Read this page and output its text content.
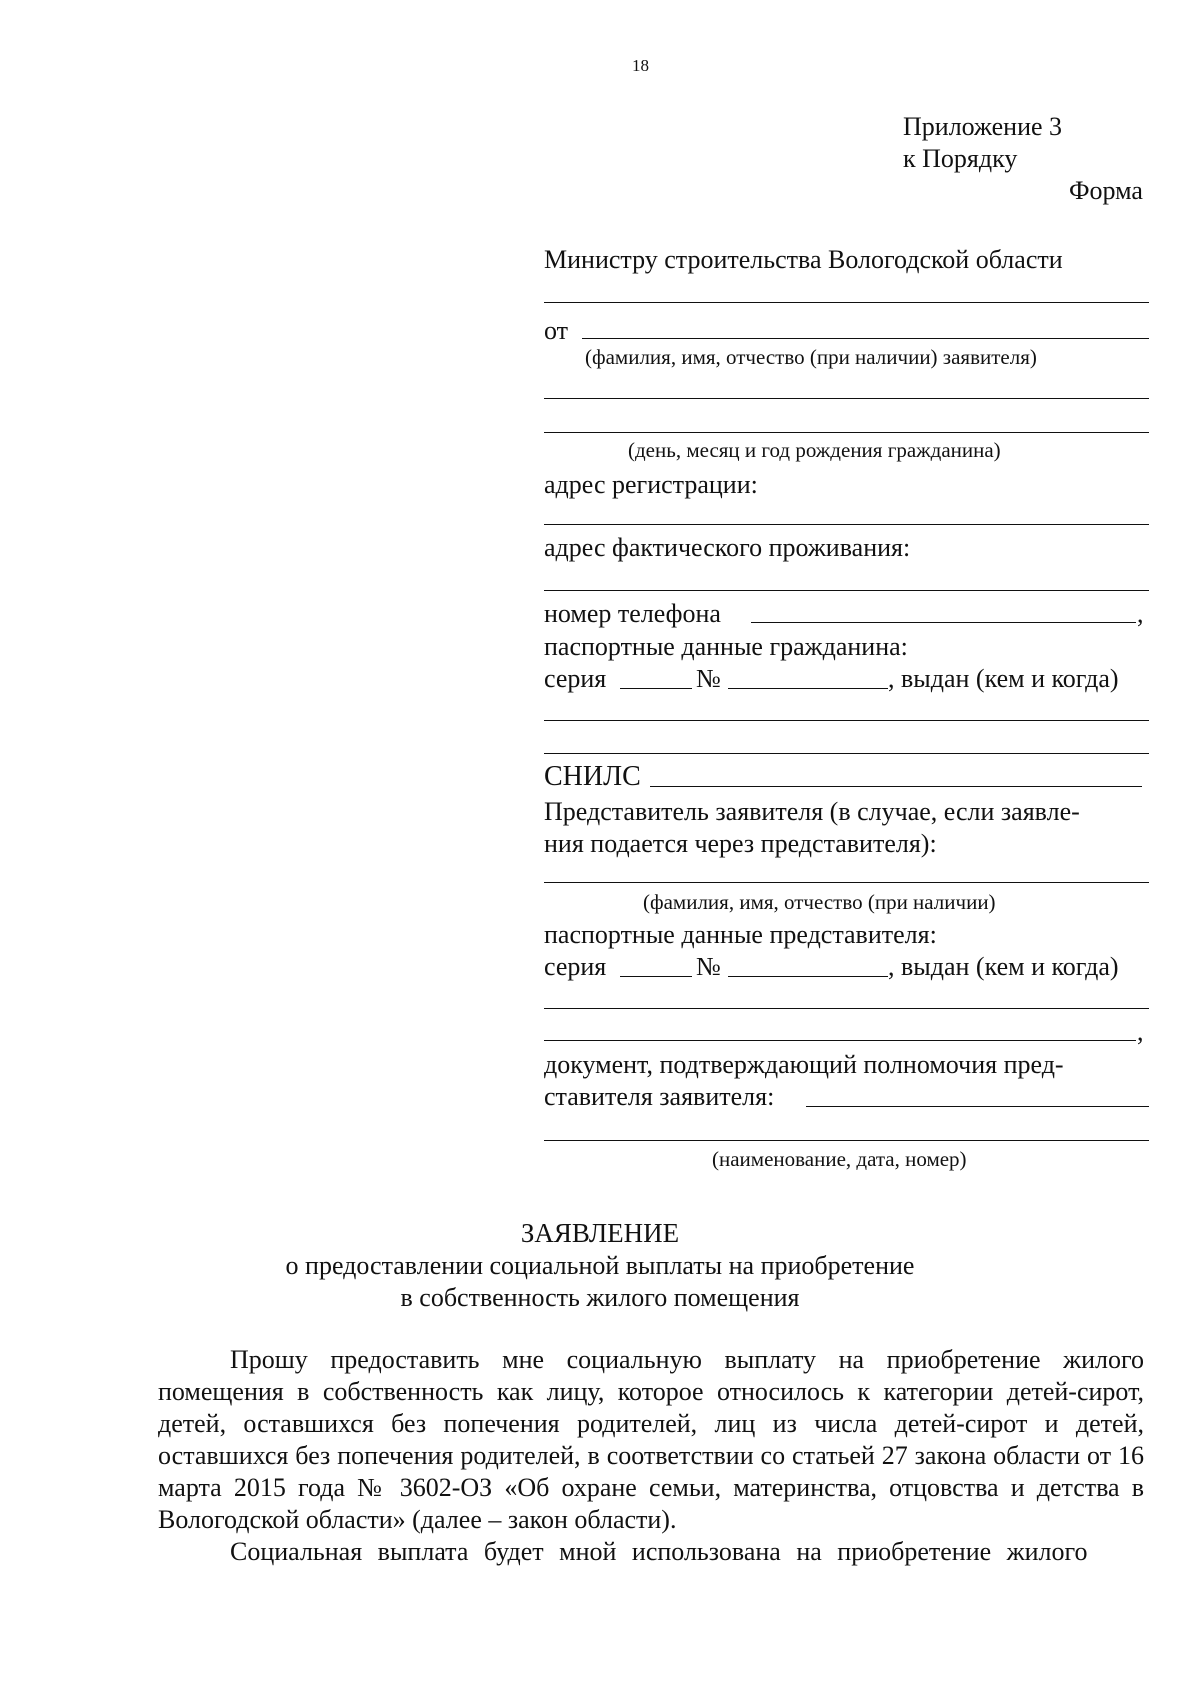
18
Приложение 3
к Порядку
Форма
Министру строительства Вологодской области
от
(фамилия, имя, отчество (при наличии) заявителя)
(день, месяц и год рождения гражданина)
адрес регистрации:
адрес фактического проживания:
номер телефона	,
паспортные данные гражданина:
серия	№	, выдан (кем и когда)
СНИЛС
Представитель заявителя (в случае, если заявле-
ния подается через представителя):
(фамилия, имя, отчество (при наличии)
паспортные данные представителя:
серия	№	, выдан (кем и когда)
,
документ, подтверждающий полномочия пред-
ставителя заявителя:
(наименование, дата, номер)
ЗАЯВЛЕНИЕ
о предоставлении социальной выплаты на приобретение
в собственность жилого помещения
Прошу предоставить мне социальную выплату на приобретение жилого помещения в собственность как лицу, которое относилось к категории детей-сирот, детей, оставшихся без попечения родителей, лиц из числа детей-сирот и детей, оставшихся без попечения родителей, в соответствии со статьей 27 закона области от 16 марта 2015 года № 3602-ОЗ «Об охране семьи, материнства, отцовства и детства в Вологодской области» (далее – закон области).
Социальная выплата будет мной использована на приобретение жилого
